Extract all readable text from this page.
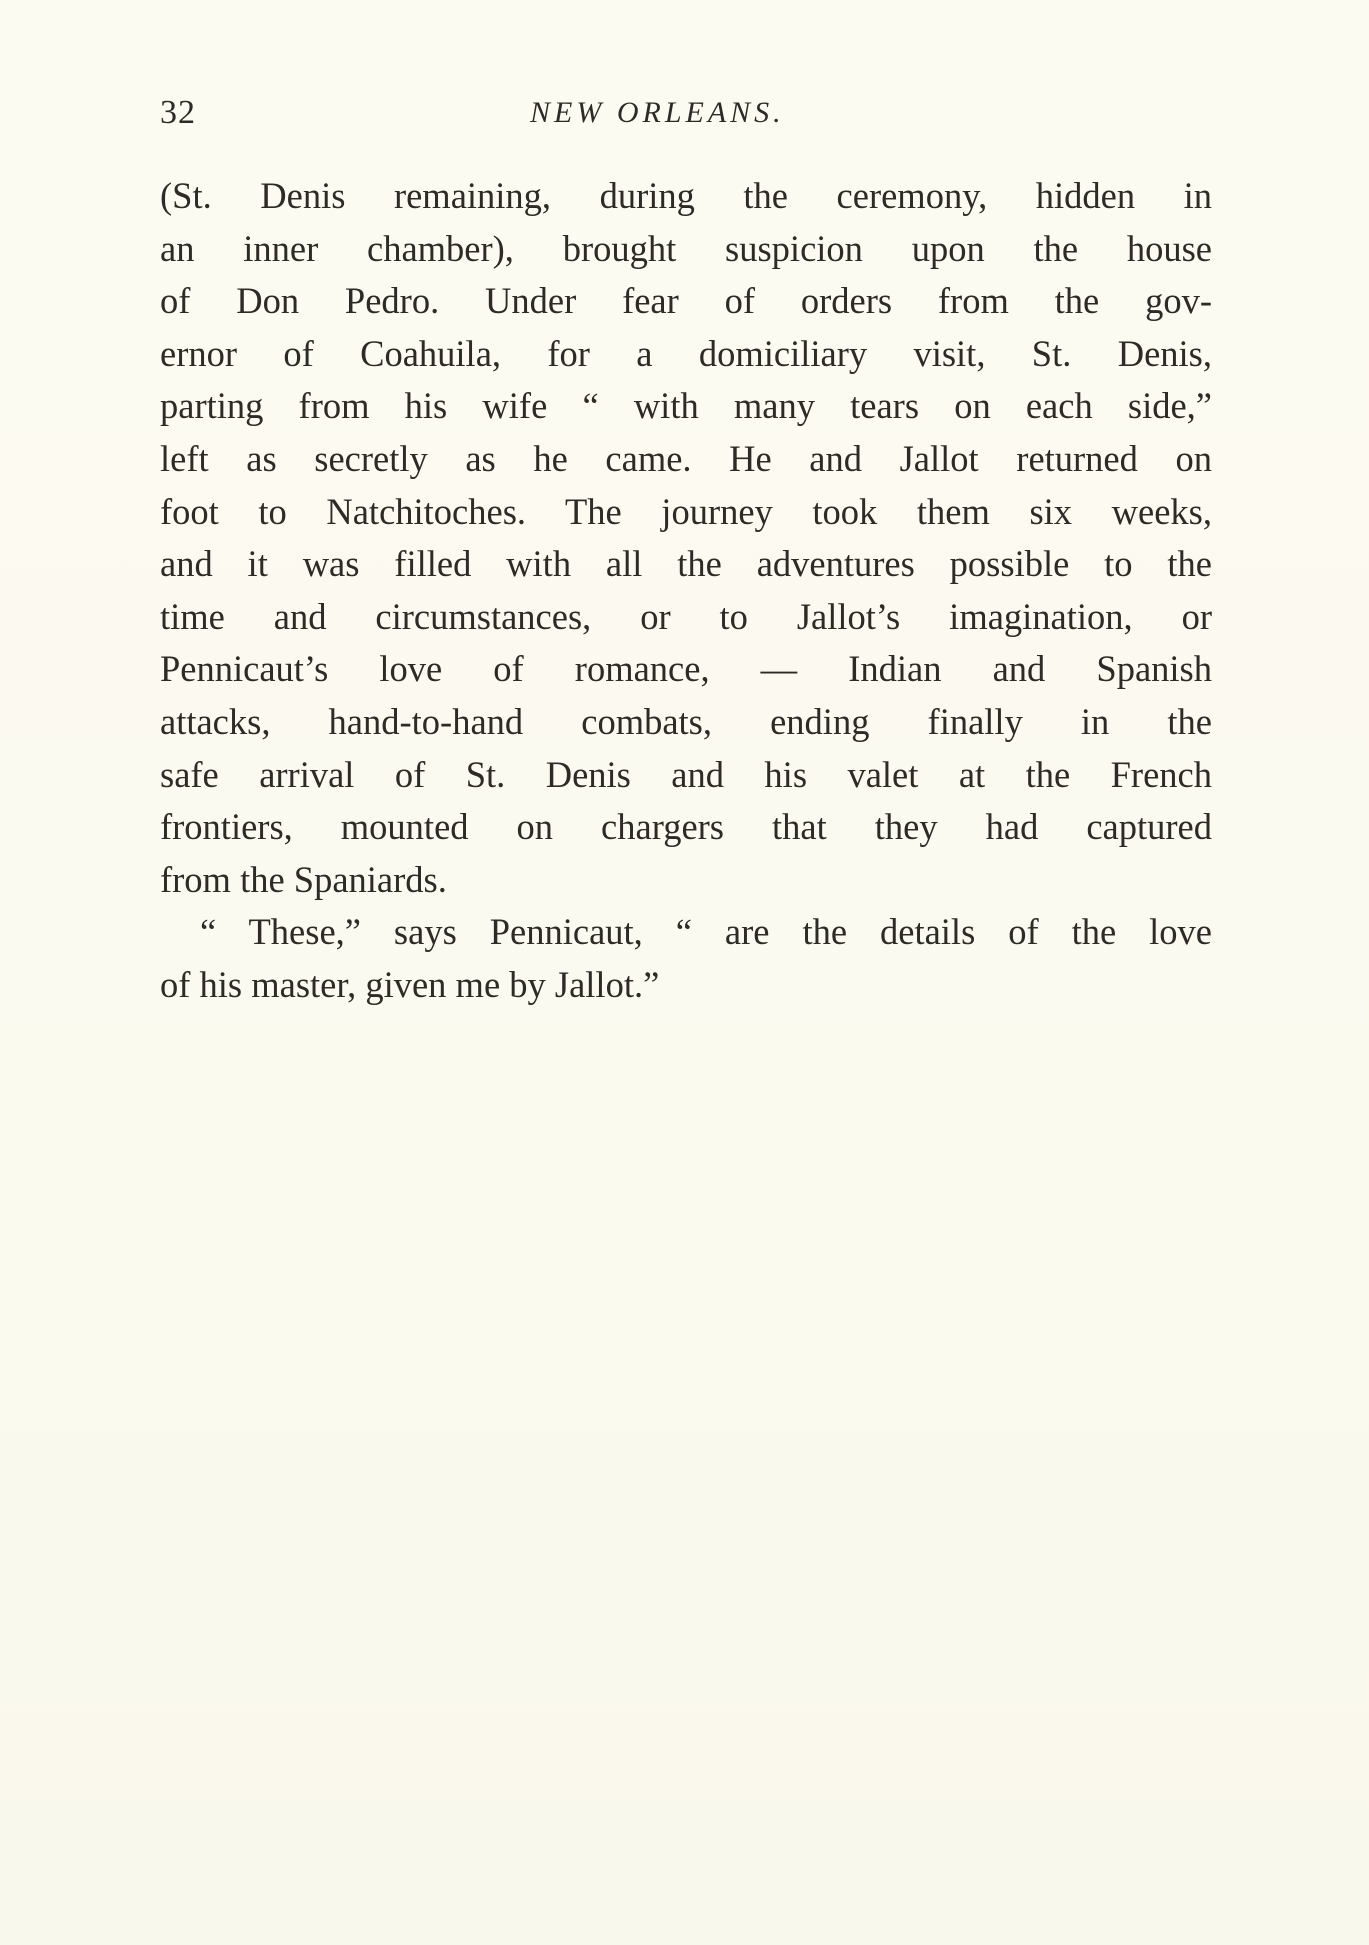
32	NEW ORLEANS.
(St. Denis remaining, during the ceremony, hidden in
an inner chamber), brought suspicion upon the house
of Don Pedro. Under fear of orders from the gov-
ernor of Coahuila, for a domiciliary visit, St. Denis,
parting from his wife “ with many tears on each side,”
left as secretly as he came. He and Jallot returned on
foot to Natchitoches. The journey took them six weeks,
and it was filled with all the adventures possible to the
time and circumstances, or to Jallot’s imagination, or
Pennicaut’s love of romance, — Indian and Spanish
attacks, hand-to-hand combats, ending finally in the
safe arrival of St. Denis and his valet at the French
frontiers, mounted on chargers that they had captured
from the Spaniards.
“ These,” says Pennicaut, “ are the details of the love
of his master, given me by Jallot.”
